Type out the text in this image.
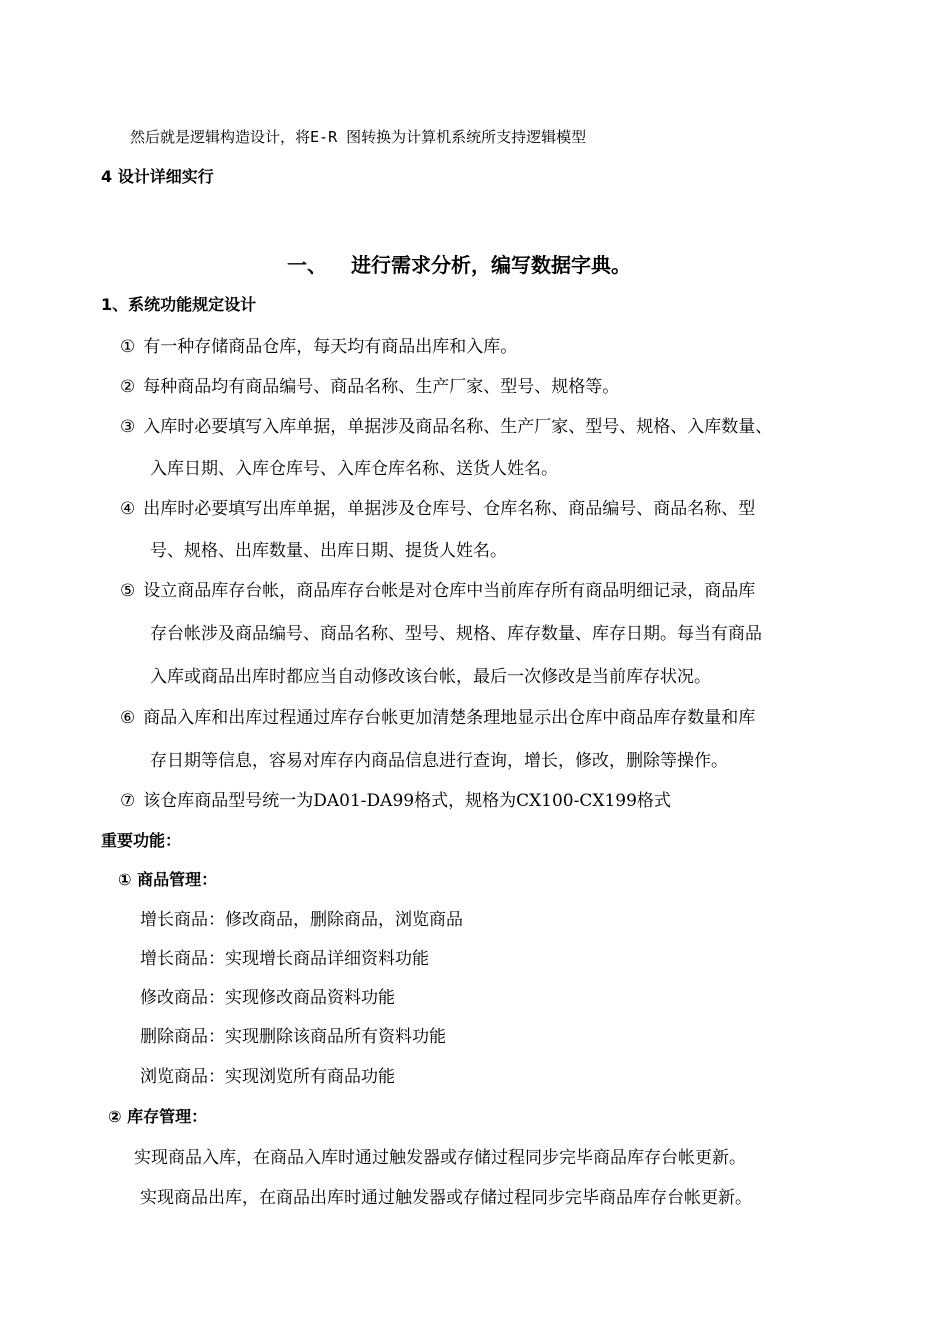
然后就是逻辑构造设计，将E-R 图转换为计算机系统所支持逻辑模型
4 设计详细实行
一、 进行需求分析，编写数据字典。
1、系统功能规定设计
① 有一种存储商品仓库，每天均有商品出库和入库。
② 每种商品均有商品编号、商品名称、生产厂家、型号、规格等。
③ 入库时必要填写入库单据，单据涉及商品名称、生产厂家、型号、规格、入库数量、
入库日期、入库仓库号、入库仓库名称、送货人姓名。
④ 出库时必要填写出库单据，单据涉及仓库号、仓库名称、商品编号、商品名称、型
号、规格、出库数量、出库日期、提货人姓名。
⑤ 设立商品库存台帐，商品库存台帐是对仓库中当前库存所有商品明细记录，商品库
存台帐涉及商品编号、商品名称、型号、规格、库存数量、库存日期。每当有商品
入库或商品出库时都应当自动修改该台帐，最后一次修改是当前库存状况。
⑥ 商品入库和出库过程通过库存台帐更加清楚条理地显示出仓库中商品库存数量和库
存日期等信息，容易对库存内商品信息进行查询，增长，修改，删除等操作。
⑦ 该仓库商品型号统一为DA01-DA99格式，规格为CX100-CX199格式
重要功能：
① 商品管理：
增长商品：修改商品，删除商品，浏览商品
增长商品：实现增长商品详细资料功能
修改商品：实现修改商品资料功能
删除商品：实现删除该商品所有资料功能
浏览商品：实现浏览所有商品功能
② 库存管理：
实现商品入库，在商品入库时通过触发器或存储过程同步完毕商品库存台帐更新。
实现商品出库，在商品出库时通过触发器或存储过程同步完毕商品库存台帐更新。
